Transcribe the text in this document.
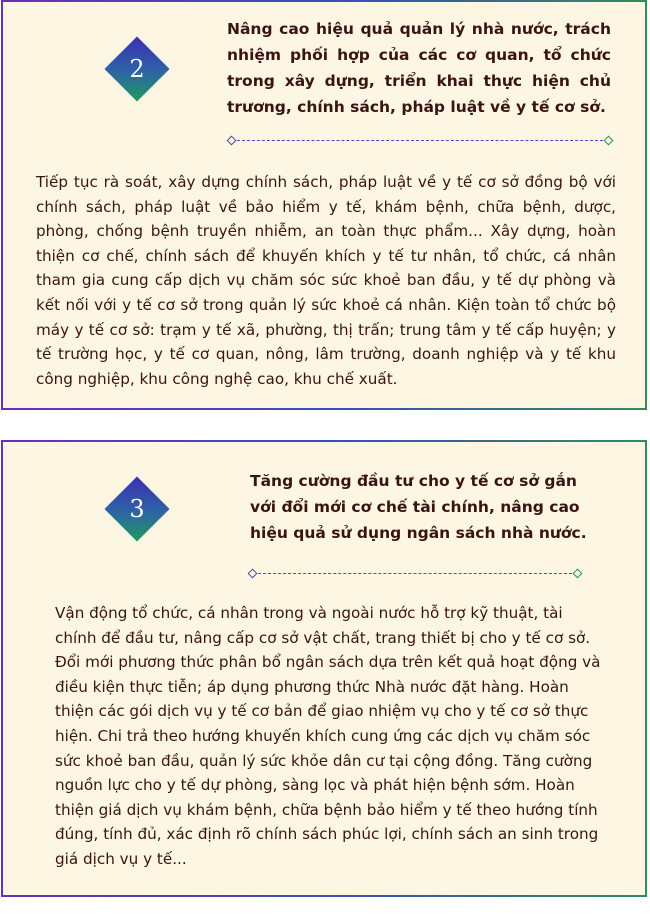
2
Nâng cao hiệu quả quản lý nhà nước, trách nhiệm phối hợp của các cơ quan, tổ chức trong xây dựng, triển khai thực hiện chủ trương, chính sách, pháp luật về y tế cơ sở.

Tiếp tục rà soát, xây dựng chính sách, pháp luật về y tế cơ sở đồng bộ với chính sách, pháp luật về bảo hiểm y tế, khám bệnh, chữa bệnh, dược, phòng, chống bệnh truyền nhiễm, an toàn thực phẩm... Xây dựng, hoàn thiện cơ chế, chính sách để khuyến khích y tế tư nhân, tổ chức, cá nhân tham gia cung cấp dịch vụ chăm sóc sức khoẻ ban đầu, y tế dự phòng và kết nối với y tế cơ sở trong quản lý sức khoẻ cá nhân. Kiện toàn tổ chức bộ máy y tế cơ sở: trạm y tế xã, phường, thị trấn; trung tâm y tế cấp huyện; y tế trường học, y tế cơ quan, nông, lâm trường, doanh nghiệp và y tế khu công nghiệp, khu công nghệ cao, khu chế xuất.

3
Tăng cường đầu tư cho y tế cơ sở gắn với đổi mới cơ chế tài chính, nâng cao hiệu quả sử dụng ngân sách nhà nước.

Vận động tổ chức, cá nhân trong và ngoài nước hỗ trợ kỹ thuật, tài chính để đầu tư, nâng cấp cơ sở vật chất, trang thiết bị cho y tế cơ sở. Đổi mới phương thức phân bổ ngân sách dựa trên kết quả hoạt động và điều kiện thực tiễn; áp dụng phương thức Nhà nước đặt hàng. Hoàn thiện các gói dịch vụ y tế cơ bản để giao nhiệm vụ cho y tế cơ sở thực hiện. Chi trả theo hướng khuyến khích cung ứng các dịch vụ chăm sóc sức khoẻ ban đầu, quản lý sức khỏe dân cư tại cộng đồng. Tăng cường nguồn lực cho y tế dự phòng, sàng lọc và phát hiện bệnh sớm. Hoàn thiện giá dịch vụ khám bệnh, chữa bệnh bảo hiểm y tế theo hướng tính đúng, tính đủ, xác định rõ chính sách phúc lợi, chính sách an sinh trong giá dịch vụ y tế...
